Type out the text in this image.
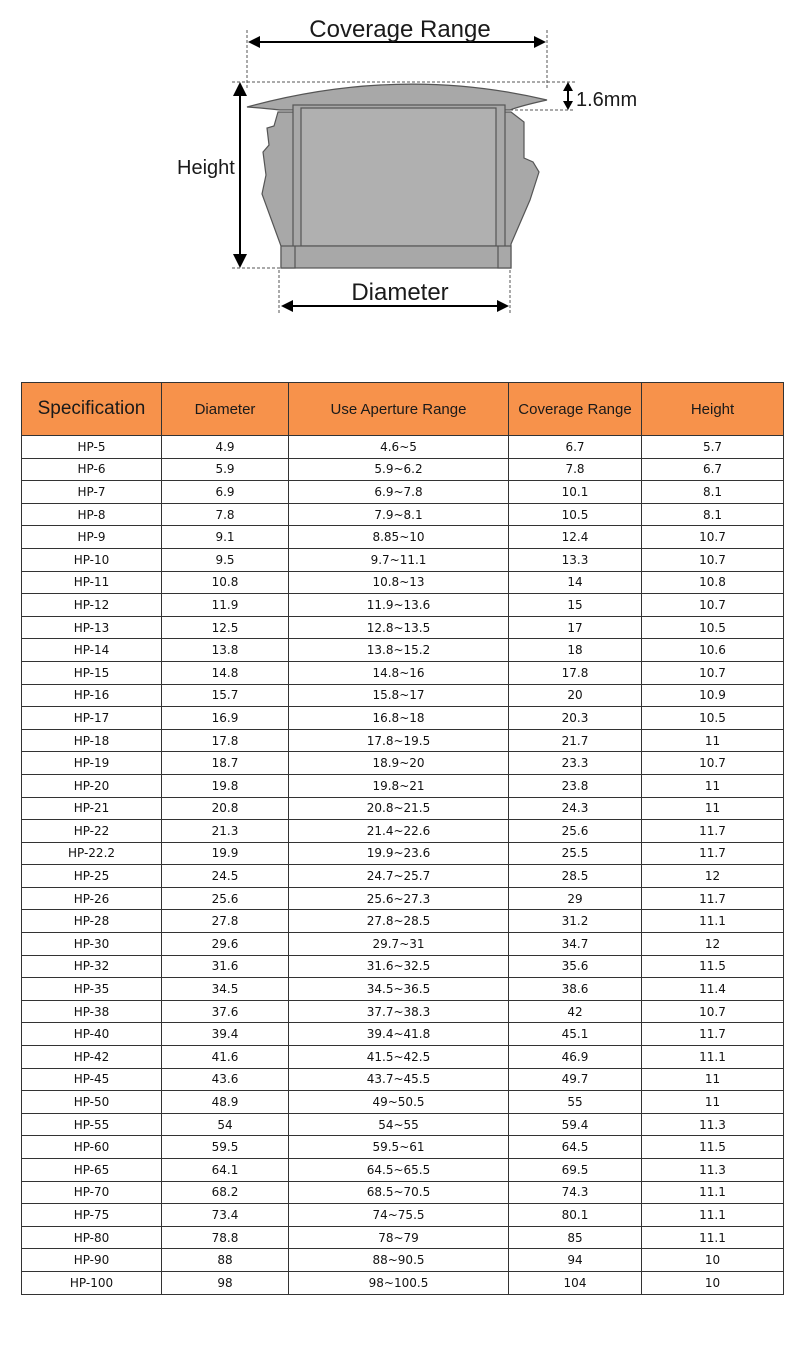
Coverage Range
1.6mm
Height
Diameter
Specification	Diameter	Use Aperture Range	Coverage Range	Height
HP-5	4.9	4.6~5	6.7	5.7
HP-6	5.9	5.9~6.2	7.8	6.7
HP-7	6.9	6.9~7.8	10.1	8.1
HP-8	7.8	7.9~8.1	10.5	8.1
HP-9	9.1	8.85~10	12.4	10.7
HP-10	9.5	9.7~11.1	13.3	10.7
HP-11	10.8	10.8~13	14	10.8
HP-12	11.9	11.9~13.6	15	10.7
HP-13	12.5	12.8~13.5	17	10.5
HP-14	13.8	13.8~15.2	18	10.6
HP-15	14.8	14.8~16	17.8	10.7
HP-16	15.7	15.8~17	20	10.9
HP-17	16.9	16.8~18	20.3	10.5
HP-18	17.8	17.8~19.5	21.7	11
HP-19	18.7	18.9~20	23.3	10.7
HP-20	19.8	19.8~21	23.8	11
HP-21	20.8	20.8~21.5	24.3	11
HP-22	21.3	21.4~22.6	25.6	11.7
HP-22.2	19.9	19.9~23.6	25.5	11.7
HP-25	24.5	24.7~25.7	28.5	12
HP-26	25.6	25.6~27.3	29	11.7
HP-28	27.8	27.8~28.5	31.2	11.1
HP-30	29.6	29.7~31	34.7	12
HP-32	31.6	31.6~32.5	35.6	11.5
HP-35	34.5	34.5~36.5	38.6	11.4
HP-38	37.6	37.7~38.3	42	10.7
HP-40	39.4	39.4~41.8	45.1	11.7
HP-42	41.6	41.5~42.5	46.9	11.1
HP-45	43.6	43.7~45.5	49.7	11
HP-50	48.9	49~50.5	55	11
HP-55	54	54~55	59.4	11.3
HP-60	59.5	59.5~61	64.5	11.5
HP-65	64.1	64.5~65.5	69.5	11.3
HP-70	68.2	68.5~70.5	74.3	11.1
HP-75	73.4	74~75.5	80.1	11.1
HP-80	78.8	78~79	85	11.1
HP-90	88	88~90.5	94	10
HP-100	98	98~100.5	104	10
